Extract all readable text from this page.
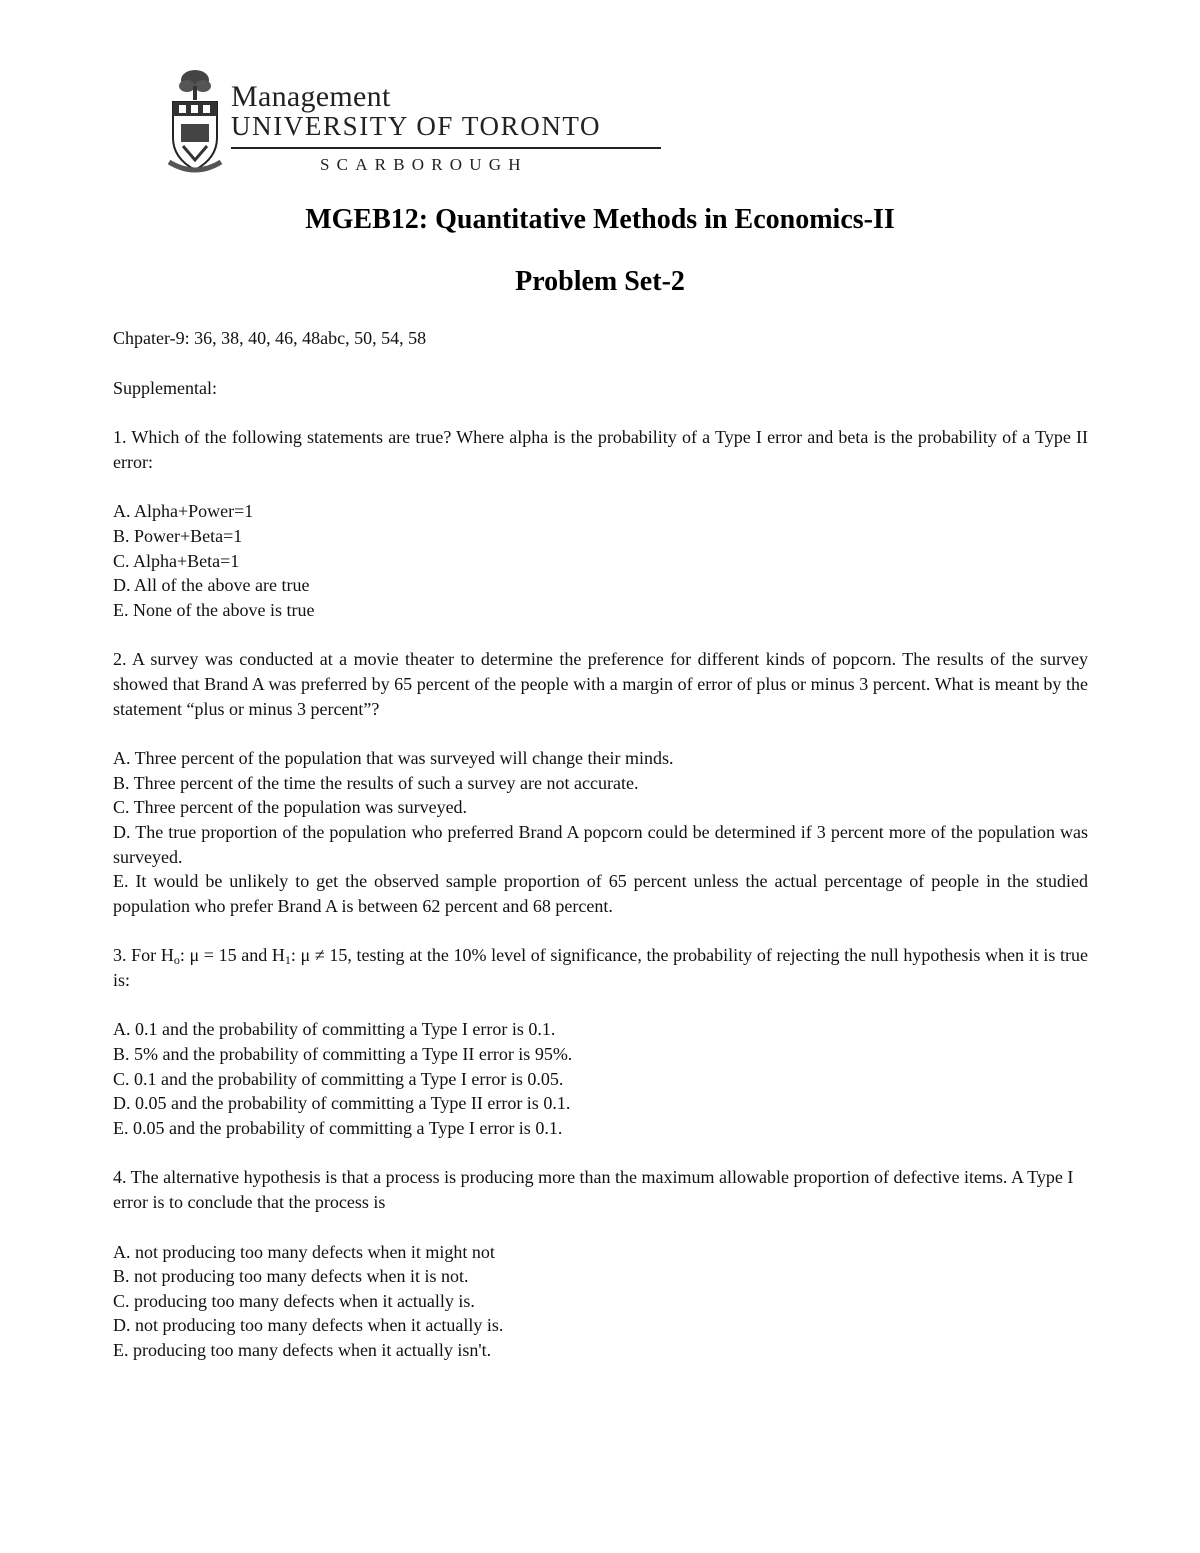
Management
UNIVERSITY OF TORONTO
SCARBOROUGH
MGEB12: Quantitative Methods in Economics-II
Problem Set-2

Chpater-9: 36, 38, 40, 46, 48abc, 50, 54, 58

Supplemental:

1. Which of the following statements are true? Where alpha is the probability of a Type I error and beta is the probability of a Type II error:

A. Alpha+Power=1
B. Power+Beta=1
C. Alpha+Beta=1
D. All of the above are true
E. None of the above is true

2. A survey was conducted at a movie theater to determine the preference for different kinds of popcorn. The results of the survey showed that Brand A was preferred by 65 percent of the people with a margin of error of plus or minus 3 percent. What is meant by the statement “plus or minus 3 percent”?

A. Three percent of the population that was surveyed will change their minds.
B. Three percent of the time the results of such a survey are not accurate.
C. Three percent of the population was surveyed.
D. The true proportion of the population who preferred Brand A popcorn could be determined if 3 percent more of the population was surveyed.
E. It would be unlikely to get the observed sample proportion of 65 percent unless the actual percentage of people in the studied population who prefer Brand A is between 62 percent and 68 percent.

3. For $H_o$: μ = 15 and $H_1$: μ ≠ 15, testing at the 10% level of significance, the probability of rejecting the null hypothesis when it is true is:

A. 0.1 and the probability of committing a Type I error is 0.1.
B. 5% and the probability of committing a Type II error is 95%.
C. 0.1 and the probability of committing a Type I error is 0.05.
D. 0.05 and the probability of committing a Type II error is 0.1.
E. 0.05 and the probability of committing a Type I error is 0.1.

4. The alternative hypothesis is that a process is producing more than the maximum allowable proportion of defective items. A Type I error is to conclude that the process is

A. not producing too many defects when it might not
B. not producing too many defects when it is not.
C. producing too many defects when it actually is.
D. not producing too many defects when it actually is.
E. producing too many defects when it actually isn't.
